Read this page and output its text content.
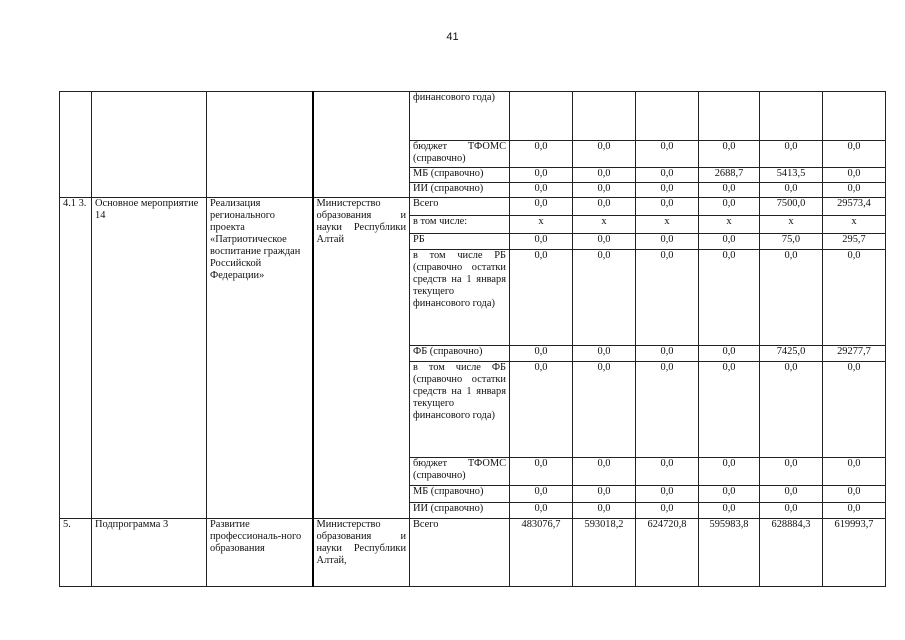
41
				финансового года)						
				бюджет ТФОМС (справочно)	0,0	0,0	0,0	0,0	0,0	0,0
				МБ (справочно)	0,0	0,0	0,0	2688,7	5413,5	0,0
				ИИ (справочно)	0,0	0,0	0,0	0,0	0,0	0,0
4.1 3.	Основное мероприятие 14	Реализация регионального проекта «Патриотическое воспитание граждан Российской Федерации»	Министерство образования и науки Республики Алтай	Всего	0,0	0,0	0,0	0,0	7500,0	29573,4
				в том числе:	х	х	х	х	х	х
				РБ	0,0	0,0	0,0	0,0	75,0	295,7
				в том числе РБ (справочно остатки средств на 1 января текущего финансового года)	0,0	0,0	0,0	0,0	0,0	0,0
				ФБ (справочно)	0,0	0,0	0,0	0,0	7425,0	29277,7
				в том числе ФБ (справочно остатки средств на 1 января текущего финансового года)	0,0	0,0	0,0	0,0	0,0	0,0
				бюджет ТФОМС (справочно)	0,0	0,0	0,0	0,0	0,0	0,0
				МБ (справочно)	0,0	0,0	0,0	0,0	0,0	0,0
				ИИ (справочно)	0,0	0,0	0,0	0,0	0,0	0,0
5.	Подпрограмма 3	Развитие профессиональ-ного образования	Министерство образования и науки Республики Алтай,	Всего	483076,7	593018,2	624720,8	595983,8	628884,3	619993,7
